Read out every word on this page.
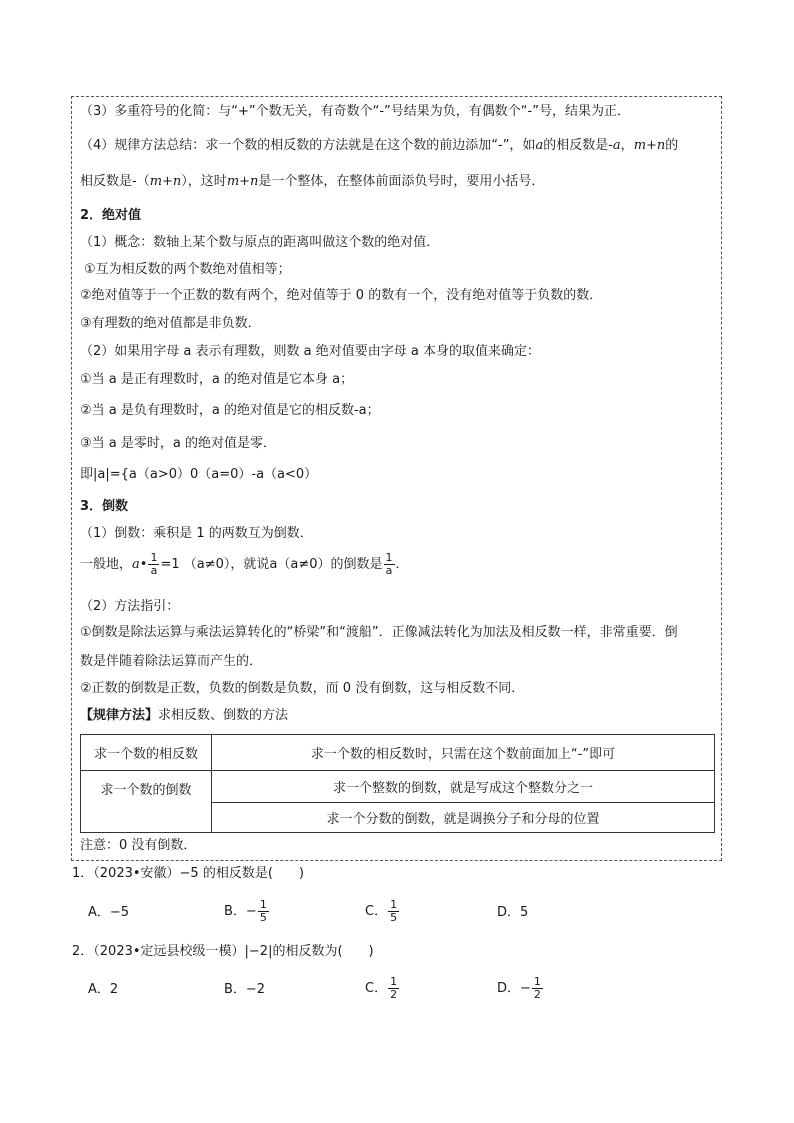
（3）多重符号的化简：与“+”个数无关，有奇数个“-”号结果为负，有偶数个“-”号，结果为正．
（4）规律方法总结：求一个数的相反数的方法就是在这个数的前边添加“-”，如a的相反数是-a，m+n的
相反数是-（m+n），这时m+n是一个整体，在整体前面添负号时，要用小括号．
2．绝对值
（1）概念：数轴上某个数与原点的距离叫做这个数的绝对值．
①互为相反数的两个数绝对值相等；
②绝对值等于一个正数的数有两个，绝对值等于 0 的数有一个，没有绝对值等于负数的数．
③有理数的绝对值都是非负数．
（2）如果用字母 a 表示有理数，则数 a 绝对值要由字母 a 本身的取值来确定：
①当 a 是正有理数时，a 的绝对值是它本身 a；
②当 a 是负有理数时，a 的绝对值是它的相反数-a；
③当 a 是零时，a 的绝对值是零．
即|a|={a（a>0）0（a=0）-a（a<0）
3．倒数
（1）倒数：乘积是 1 的两数互为倒数．
一般地，a• $\frac{1}{a} =1$ （a≠0），就说a（a≠0）的倒数是 $\frac{1}{a}$ ．
（2）方法指引：
①倒数是除法运算与乘法运算转化的“桥梁”和“渡船”．正像减法转化为加法及相反数一样，非常重要．倒
数是伴随着除法运算而产生的．
②正数的倒数是正数，负数的倒数是负数，而 0 没有倒数，这与相反数不同．
【规律方法】求相反数、倒数的方法
求一个数的相反数	求一个数的相反数时，只需在这个数前面加上“-”即可
求一个数的倒数	求一个整数的倒数，就是写成这个整数分之一
	求一个分数的倒数，就是调换分子和分母的位置
注意：0 没有倒数．
1．（2023•安徽）−5 的相反数是(　　)
A．−5	B．− $\frac{1}{5}$	C． $\frac{1}{5}$	D．5
2．（2023•定远县校级一模）|−2|的相反数为(　　)
A．2	B．−2	C． $\frac{1}{2}$	D．− $\frac{1}{2}$
